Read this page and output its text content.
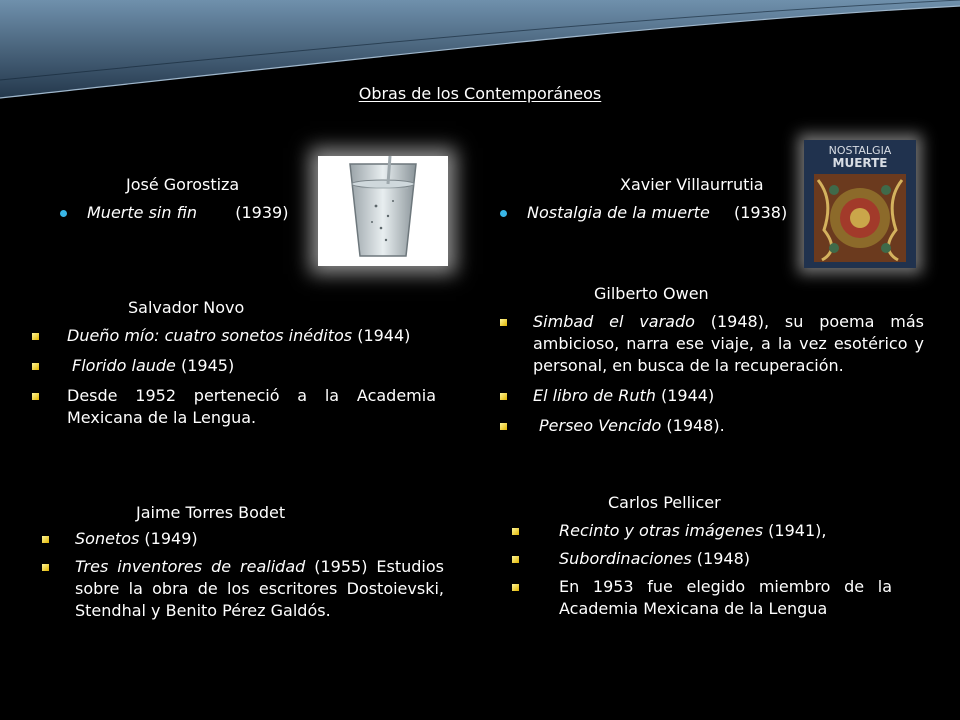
Obras de los Contemporáneos
José Gorostiza
Muerte sin fin (1939)
Xavier Villaurrutia
Nostalgia de la muerte (1938)
NOSTALGIA
MUERTE
Salvador Novo
Dueño mío: cuatro sonetos inéditos (1944)
Florido laude (1945)
Desde 1952 perteneció a la Academia Mexicana de la Lengua.
Gilberto Owen
Simbad el varado (1948), su poema más ambicioso, narra ese viaje, a la vez esotérico y personal, en busca de la recuperación.
El libro de Ruth (1944)
Perseo Vencido (1948).
Jaime Torres Bodet
Sonetos (1949)
Tres inventores de realidad (1955) Estudios sobre la obra de los escritores Dostoievski, Stendhal y Benito Pérez Galdós.
Carlos Pellicer
Recinto y otras imágenes (1941),
Subordinaciones (1948)
En 1953 fue elegido miembro de la Academia Mexicana de la Lengua
